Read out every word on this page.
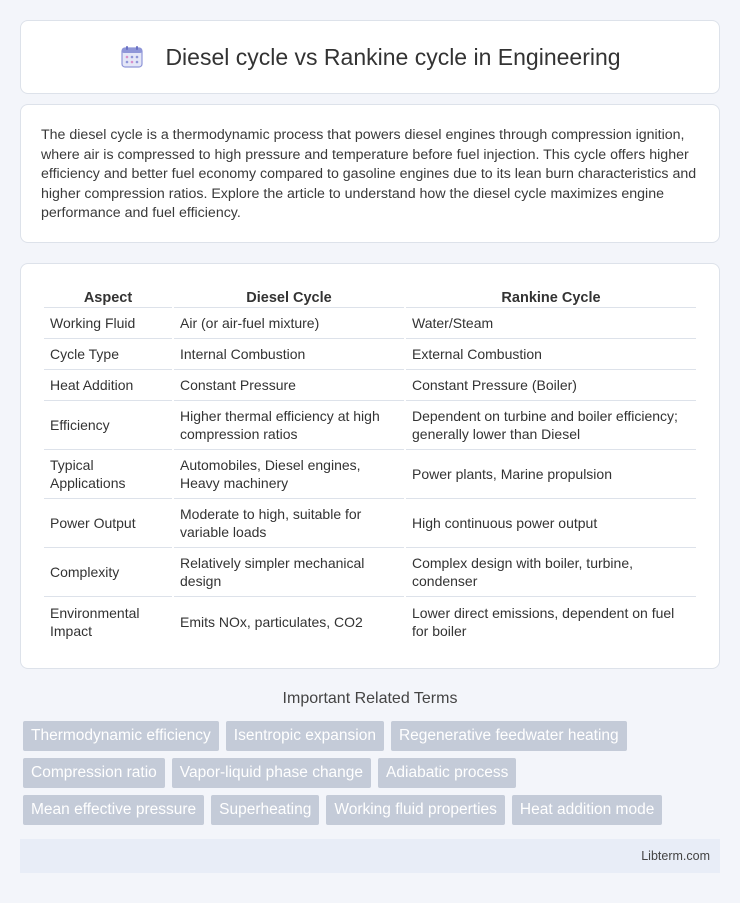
Diesel cycle vs Rankine cycle in Engineering

The diesel cycle is a thermodynamic process that powers diesel engines through compression ignition, where air is compressed to high pressure and temperature before fuel injection. This cycle offers higher efficiency and better fuel economy compared to gasoline engines due to its lean burn characteristics and higher compression ratios. Explore the article to understand how the diesel cycle maximizes engine performance and fuel efficiency.

Aspect	Diesel Cycle	Rankine Cycle
Working Fluid	Air (or air-fuel mixture)	Water/Steam
Cycle Type	Internal Combustion	External Combustion
Heat Addition	Constant Pressure	Constant Pressure (Boiler)
Efficiency	Higher thermal efficiency at high compression ratios	Dependent on turbine and boiler efficiency; generally lower than Diesel
Typical Applications	Automobiles, Diesel engines, Heavy machinery	Power plants, Marine propulsion
Power Output	Moderate to high, suitable for variable loads	High continuous power output
Complexity	Relatively simpler mechanical design	Complex design with boiler, turbine, condenser
Environmental Impact	Emits NOx, particulates, CO2	Lower direct emissions, dependent on fuel for boiler
Important Related Terms
Thermodynamic efficiency	Isentropic expansion	Regenerative feedwater heating
Compression ratio	Vapor-liquid phase change	Adiabatic process
Mean effective pressure	Superheating	Working fluid properties	Heat addition mode
Libterm.com
